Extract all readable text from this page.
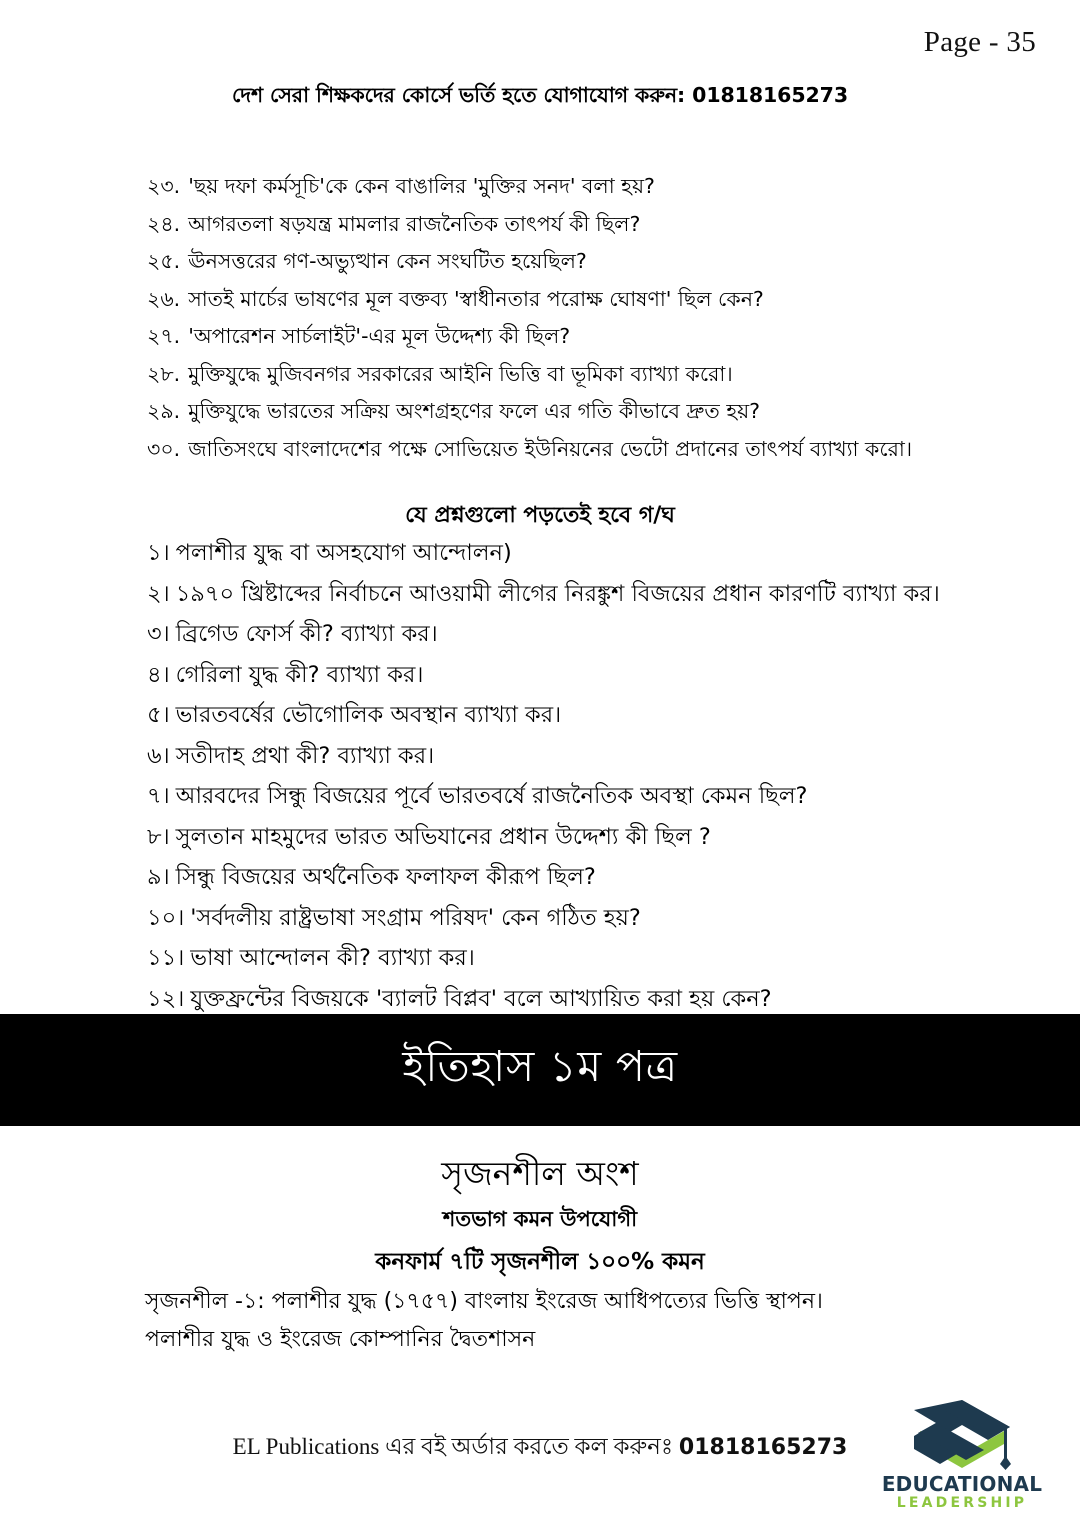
Page - 35
দেশ সেরা শিক্ষকদের কোর্সে ভর্তি হতে যোগাযোগ করুন: 01818165273
২৩. 'ছয় দফা কর্মসূচি'কে কেন বাঙালির 'মুক্তির সনদ' বলা হয়?
২৪. আগরতলা ষড়যন্ত্র মামলার রাজনৈতিক তাৎপর্য কী ছিল?
২৫. ঊনসত্তরের গণ-অভ্যুত্থান কেন সংঘটিত হয়েছিল?
২৬. সাতই মার্চের ভাষণের মূল বক্তব্য 'স্বাধীনতার পরোক্ষ ঘোষণা' ছিল কেন?
২৭. 'অপারেশন সার্চলাইট'-এর মূল উদ্দেশ্য কী ছিল?
২৮. মুক্তিযুদ্ধে মুজিবনগর সরকারের আইনি ভিত্তি বা ভূমিকা ব্যাখ্যা করো।
২৯. মুক্তিযুদ্ধে ভারতের সক্রিয় অংশগ্রহণের ফলে এর গতি কীভাবে দ্রুত হয়?
৩০. জাতিসংঘে বাংলাদেশের পক্ষে সোভিয়েত ইউনিয়নের ভেটো প্রদানের তাৎপর্য ব্যাখ্যা করো।
যে প্রশ্নগুলো পড়তেই হবে গ/ঘ
১। পলাশীর যুদ্ধ বা অসহযোগ আন্দোলন)
২। ১৯৭০ খ্রিষ্টাব্দের নির্বাচনে আওয়ামী লীগের নিরঙ্কুশ বিজয়ের প্রধান কারণটি ব্যাখ্যা কর।
৩। ব্রিগেড ফোর্স কী? ব্যাখ্যা কর।
৪। গেরিলা যুদ্ধ কী? ব্যাখ্যা কর।
৫। ভারতবর্ষের ভৌগোলিক অবস্থান ব্যাখ্যা কর।
৬। সতীদাহ প্রথা কী? ব্যাখ্যা কর।
৭। আরবদের সিন্ধু বিজয়ের পূর্বে ভারতবর্ষে রাজনৈতিক অবস্থা কেমন ছিল?
৮। সুলতান মাহমুদের ভারত অভিযানের প্রধান উদ্দেশ্য কী ছিল ?
৯। সিন্ধু বিজয়ের অর্থনৈতিক ফলাফল কীরূপ ছিল?
১০। 'সর্বদলীয় রাষ্ট্রভাষা সংগ্রাম পরিষদ' কেন গঠিত হয়?
১১। ভাষা আন্দোলন কী? ব্যাখ্যা কর।
১২। যুক্তফ্রন্টের বিজয়কে 'ব্যালট বিপ্লব' বলে আখ্যায়িত করা হয় কেন?
ইতিহাস ১ম পত্র
সৃজনশীল অংশ
শতভাগ কমন উপযোগী
কনফার্ম ৭টি সৃজনশীল ১০০% কমন
সৃজনশীল -১: পলাশীর যুদ্ধ (১৭৫৭) বাংলায় ইংরেজ আধিপত্যের ভিত্তি স্থাপন।
পলাশীর যুদ্ধ ও ইংরেজ কোম্পানির দ্বৈতশাসন
EL Publications এর বই অর্ডার করতে কল করুনঃ 01818165273
EDUCATIONAL
LEADERSHIP
